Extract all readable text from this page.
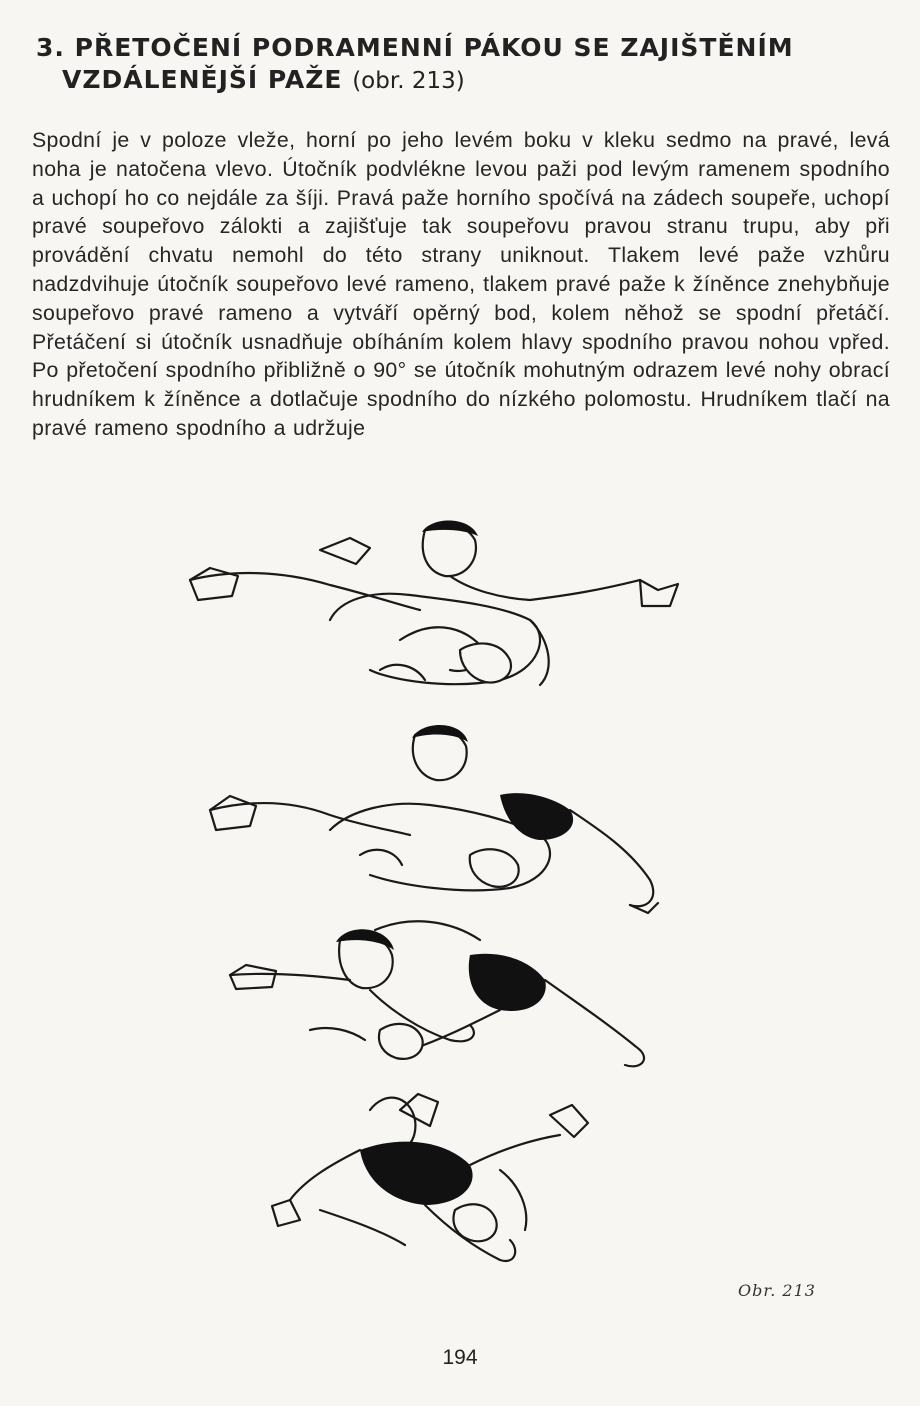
3. PŘETOČENÍ PODRAMENNÍ PÁKOU SE ZAJIŠTĚNÍM
VZDÁLENĚJŠÍ PAŽE (obr. 213)
Spodní je v poloze vleže, horní po jeho levém boku v kleku sedmo na pravé, levá noha je natočena vlevo. Útočník podvlékne levou paži pod levým ramenem spodního a uchopí ho co nejdále za šíji. Pravá paže horního spočívá na zádech soupeře, uchopí pravé soupeřovo zálokti a zajišťuje tak soupeřovu pravou stranu trupu, aby při provádění chvatu nemohl do této strany uniknout. Tlakem levé paže vzhůru nadzdvihuje útočník soupeřovo levé rameno, tlakem pravé paže k žíněnce znehybňuje soupeřovo pravé rameno a vytváří opěrný bod, kolem něhož se spodní přetáčí. Přetáčení si útočník usnadňuje obíháním kolem hlavy spodního pravou nohou vpřed. Po přetočení spodního přibližně o 90° se útočník mohutným odrazem levé nohy obrací hrudníkem k žíněnce a dotlačuje spodního do nízkého polomostu. Hrudníkem tlačí na pravé rameno spodního a udržuje
Obr. 213
194
